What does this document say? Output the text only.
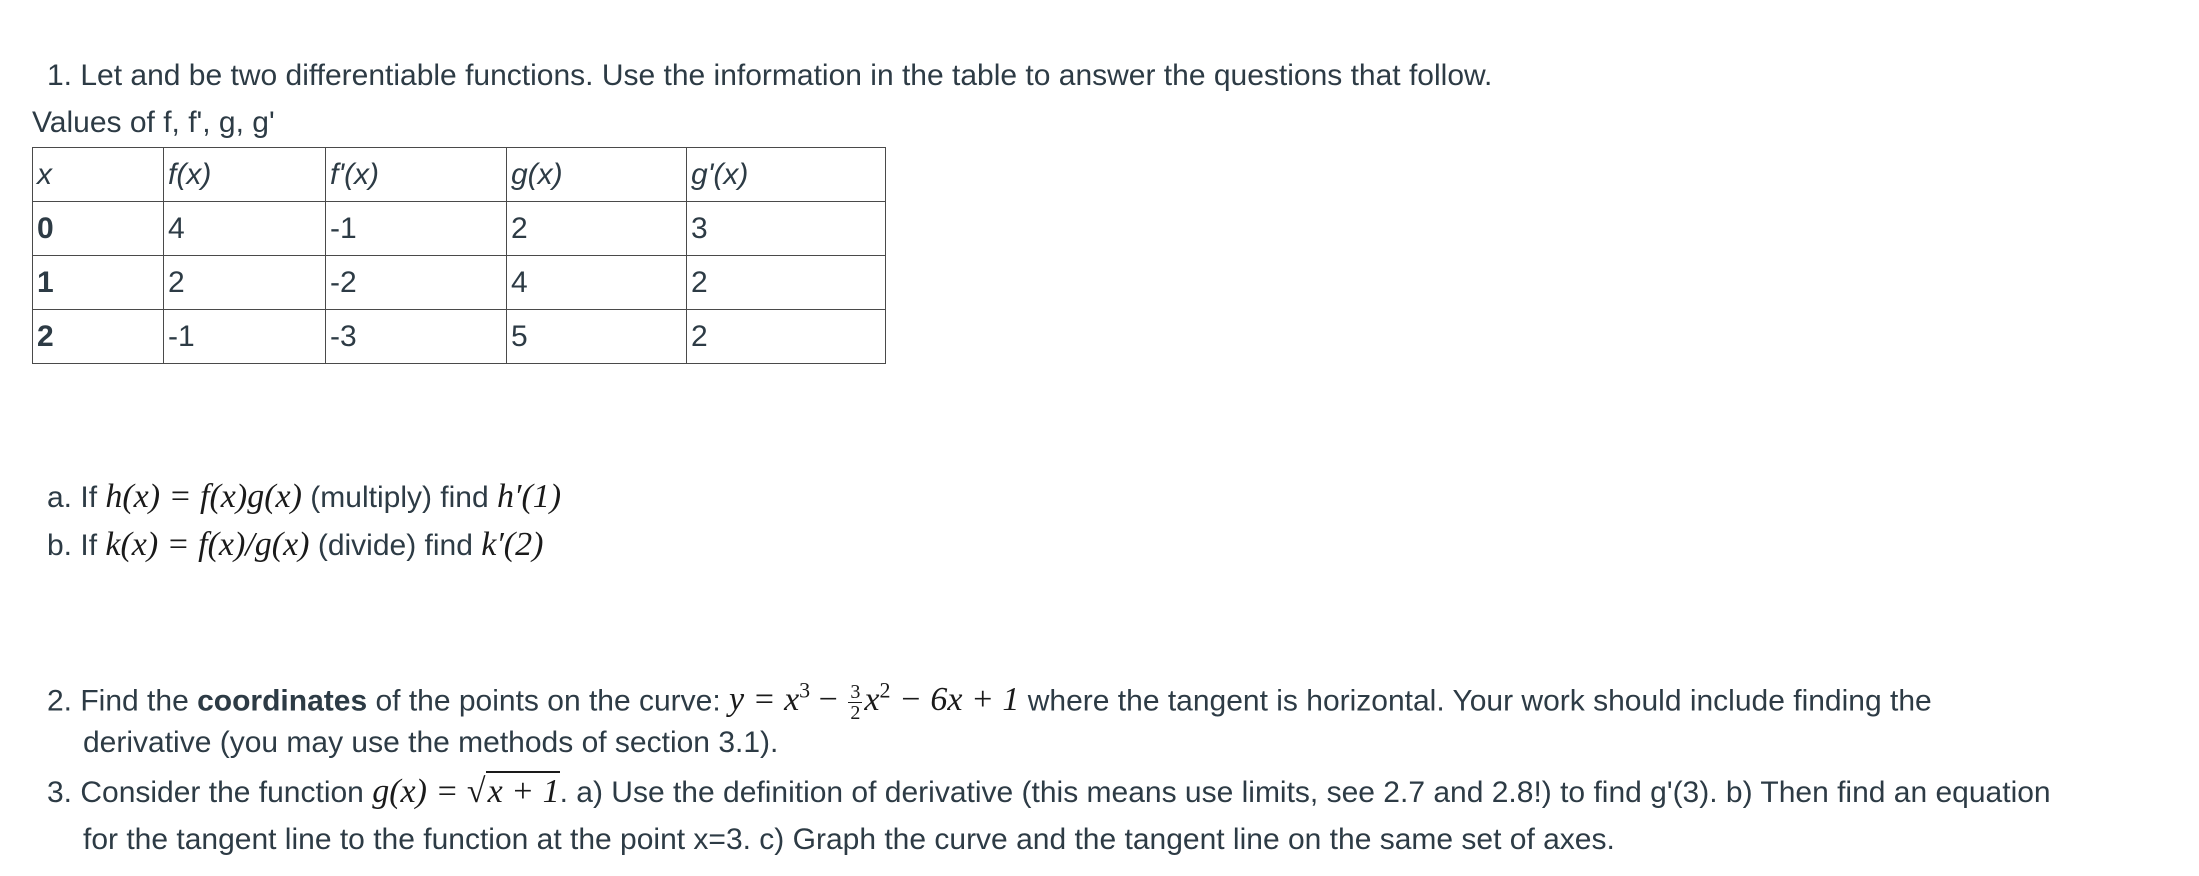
1. Let and be two differentiable functions. Use the information in the table to answer the questions that follow.
Values of f, f', g, g'
x	f(x)	f'(x)	g(x)	g'(x)
0	4	-1	2	3
1	2	-2	4	2
2	-1	-3	5	2
a. If h(x) = f(x)g(x) (multiply) find h′(1)
b. If k(x) = f(x)/g(x) (divide) find k′(2)
2. Find the coordinates of the points on the curve: $y = x^3 - \frac{3}{2} x^2 - 6x + 1$ where the tangent is horizontal. Your work should include finding the
derivative (you may use the methods of section 3.1).
3. Consider the function g(x) = √x + 1. a) Use the definition of derivative (this means use limits, see 2.7 and 2.8!) to find g'(3). b) Then find an equation
for the tangent line to the function at the point x=3. c) Graph the curve and the tangent line on the same set of axes.
